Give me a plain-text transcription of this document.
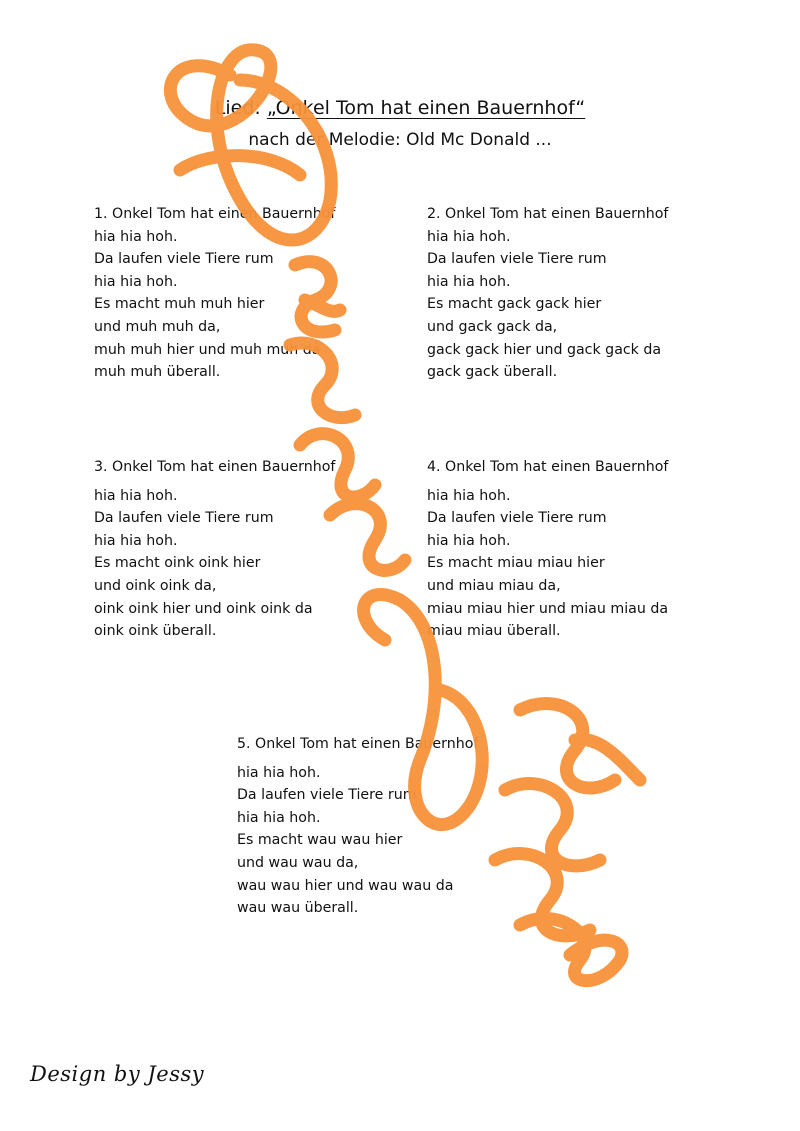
Lied: „Onkel Tom hat einen Bauernhof“
nach der Melodie: Old Mc Donald ...
1. Onkel Tom hat einen Bauernhof
hia hia hoh.
Da laufen viele Tiere rum
hia hia hoh.
Es macht muh muh hier
und muh muh da,
muh muh hier und muh muh da
muh muh überall.
2. Onkel Tom hat einen Bauernhof
hia hia hoh.
Da laufen viele Tiere rum
hia hia hoh.
Es macht gack gack hier
und gack gack da,
gack gack hier und gack gack da
gack gack überall.
3. Onkel Tom hat einen Bauernhof
hia hia hoh.
Da laufen viele Tiere rum
hia hia hoh.
Es macht oink oink hier
und oink oink da,
oink oink hier und oink oink da
oink oink überall.
4. Onkel Tom hat einen Bauernhof
hia hia hoh.
Da laufen viele Tiere rum
hia hia hoh.
Es macht miau miau hier
und miau miau da,
miau miau hier und miau miau da
miau miau überall.
5. Onkel Tom hat einen Bauernhof
hia hia hoh.
Da laufen viele Tiere rum
hia hia hoh.
Es macht wau wau hier
und wau wau da,
wau wau hier und wau wau da
wau wau überall.
Design by Jessy
